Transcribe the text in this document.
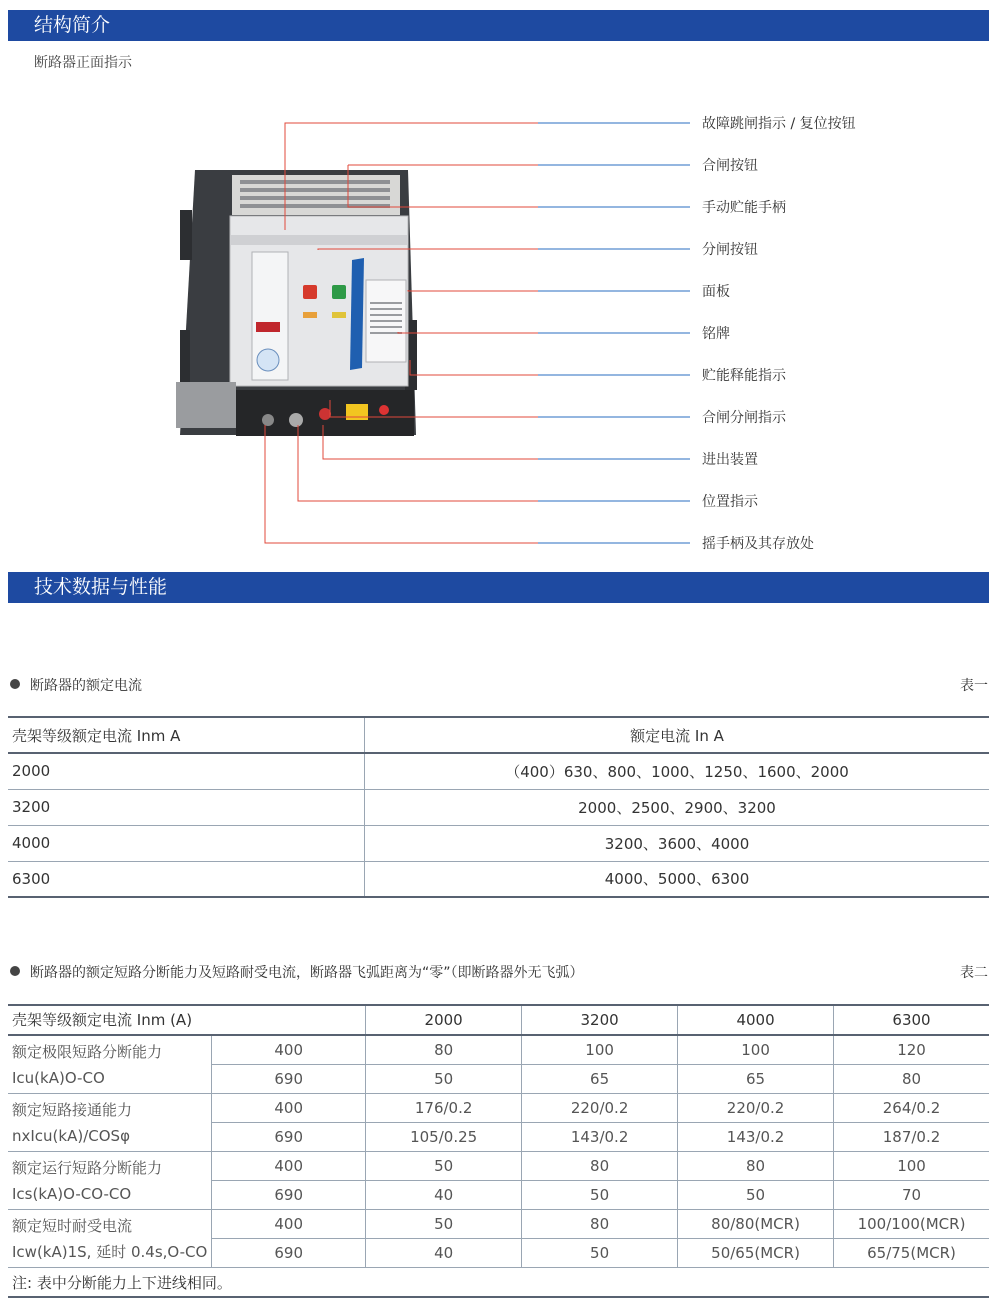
结构简介
断路器正面指示
故障跳闸指示 / 复位按钮
合闸按钮
手动贮能手柄
分闸按钮
面板
铭牌
贮能释能指示
合闸分闸指示
进出装置
位置指示
摇手柄及其存放处
技术数据与性能
断路器的额定电流	表一
壳架等级额定电流 Inm A	额定电流 In A
2000	（400）630、800、1000、1250、1600、2000
3200	2000、2500、2900、3200
4000	3200、3600、4000
6300	4000、5000、6300
断路器的额定短路分断能力及短路耐受电流，断路器飞弧距离为“零”（即断路器外无飞弧）	表二
壳架等级额定电流 Inm (A)		2000	3200	4000	6300

额定极限短路分断能力
Icu(kA)O-CO	400	80	100	100	120
	690	50	65	65	80

额定短路接通能力
nxIcu(kA)/COSφ	400	176/0.2	220/0.2	220/0.2	264/0.2
	690	105/0.25	143/0.2	143/0.2	187/0.2

额定运行短路分断能力
Ics(kA)O-CO-CO	400	50	80	80	100
	690	40	50	50	70

额定短时耐受电流
Icw(kA)1S, 延时 0.4s,O-CO	400	50	80	80/80(MCR)	100/100(MCR)
	690	40	50	50/65(MCR)	65/75(MCR)
注: 表中分断能力上下进线相同。					
